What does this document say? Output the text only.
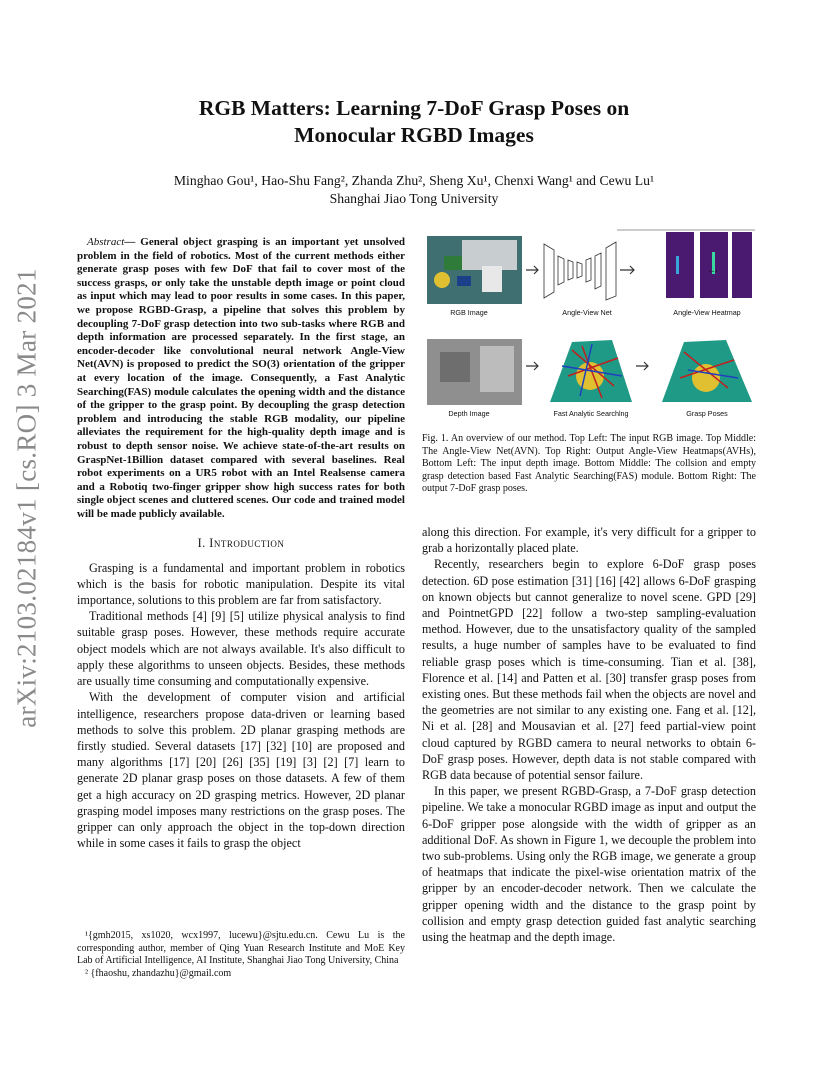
arXiv:2103.02184v1 [cs.RO] 3 Mar 2021
RGB Matters: Learning 7-DoF Grasp Poses on
Monocular RGBD Images
Minghao Gou¹, Hao-Shu Fang², Zhanda Zhu², Sheng Xu¹, Chenxi Wang¹ and Cewu Lu¹
Shanghai Jiao Tong University

Abstract— General object grasping is an important yet unsolved problem in the field of robotics. Most of the current methods either generate grasp poses with few DoF that fail to cover most of the success grasps, or only take the unstable depth image or point cloud as input which may lead to poor results in some cases. In this paper, we propose RGBD-Grasp, a pipeline that solves this problem by decoupling 7-DoF grasp detection into two sub-tasks where RGB and depth information are processed separately. In the first stage, an encoder-decoder like convolutional neural network Angle-View Net(AVN) is proposed to predict the SO(3) orientation of the gripper at every location of the image. Consequently, a Fast Analytic Searching(FAS) module calculates the opening width and the distance of the gripper to the grasp point. By decoupling the grasp detection problem and introducing the stable RGB modality, our pipeline alleviates the requirement for the high-quality depth image and is robust to depth sensor noise. We achieve state-of-the-art results on GraspNet-1Billion dataset compared with several baselines. Real robot experiments on a UR5 robot with an Intel Realsense camera and a Robotiq two-finger gripper show high success rates for both single object scenes and cluttered scenes. Our code and trained model will be made publicly available.

I. Introduction

Grasping is a fundamental and important problem in robotics which is the basis for robotic manipulation. Despite its vital importance, solutions to this problem are far from satisfactory.

Traditional methods [4] [9] [5] utilize physical analysis to find suitable grasp poses. However, these methods require accurate object models which are not always available. It's also difficult to apply these algorithms to unseen objects. Besides, these methods are usually time consuming and computationally expensive.

With the development of computer vision and artificial intelligence, researchers propose data-driven or learning based methods to solve this problem. 2D planar grasping methods are firstly studied. Several datasets [17] [32] [10] are proposed and many algorithms [17] [20] [26] [35] [19] [3] [2] [7] learn to generate 2D planar grasp poses on those datasets. A few of them get a high accuracy on 2D grasping metrics. However, 2D planar grasping model imposes many restrictions on the grasp poses. The gripper can only approach the object in the top-down direction while in some cases it fails to grasp the object

¹{gmh2015, xs1020, wcx1997, lucewu}@sjtu.edu.cn. Cewu Lu is the corresponding author, member of Qing Yuan Research Institute and MoE Key Lab of Artificial Intelligence, AI Institute, Shanghai Jiao Tong University, China

² {fhaoshu, zhandazhu}@gmail.com

…
RGB Image	Angle-View Net	Angle-View Heatmap
Depth Image	Fast Analytic Searchlng	Grasp Poses
Fig. 1. An overview of our method. Top Left: The input RGB image. Top Middle: The Angle-View Net(AVN). Top Right: Output Angle-View Heatmaps(AVHs), Bottom Left: The input depth image. Bottom Middle: The collsion and empty grasp detection based Fast Analytic Searching(FAS) module. Bottom Right: The output 7-DoF grasp poses.

along this direction. For example, it's very difficult for a gripper to grab a horizontally placed plate.

Recently, researchers begin to explore 6-DoF grasp poses detection. 6D pose estimation [31] [16] [42] allows 6-DoF grasping on known objects but cannot generalize to novel scene. GPD [29] and PointnetGPD [22] follow a two-step sampling-evaluation method. However, due to the unsatisfactory quality of the sampled results, a huge number of samples have to be evaluated to find reliable grasp poses which is time-consuming. Tian et al. [38], Florence et al. [14] and Patten et al. [30] transfer grasp poses from existing ones. But these methods fail when the objects are novel and the geometries are not similar to any existing one. Fang et al. [12], Ni et al. [28] and Mousavian et al. [27] feed partial-view point cloud captured by RGBD camera to neural networks to obtain 6-DoF grasp poses. However, depth data is not stable compared with RGB data because of potential sensor failure.

In this paper, we present RGBD-Grasp, a 7-DoF grasp detection pipeline. We take a monocular RGBD image as input and output the 6-DoF gripper pose alongside with the width of gripper as an additional DoF. As shown in Figure 1, we decouple the problem into two sub-problems. Using only the RGB image, we generate a group of heatmaps that indicate the pixel-wise orientation matrix of the gripper by an encoder-decoder network. Then we calculate the gripper opening width and the distance to the grasp point by collision and empty grasp detection guided fast analytic searching using the heatmap and the depth image.
